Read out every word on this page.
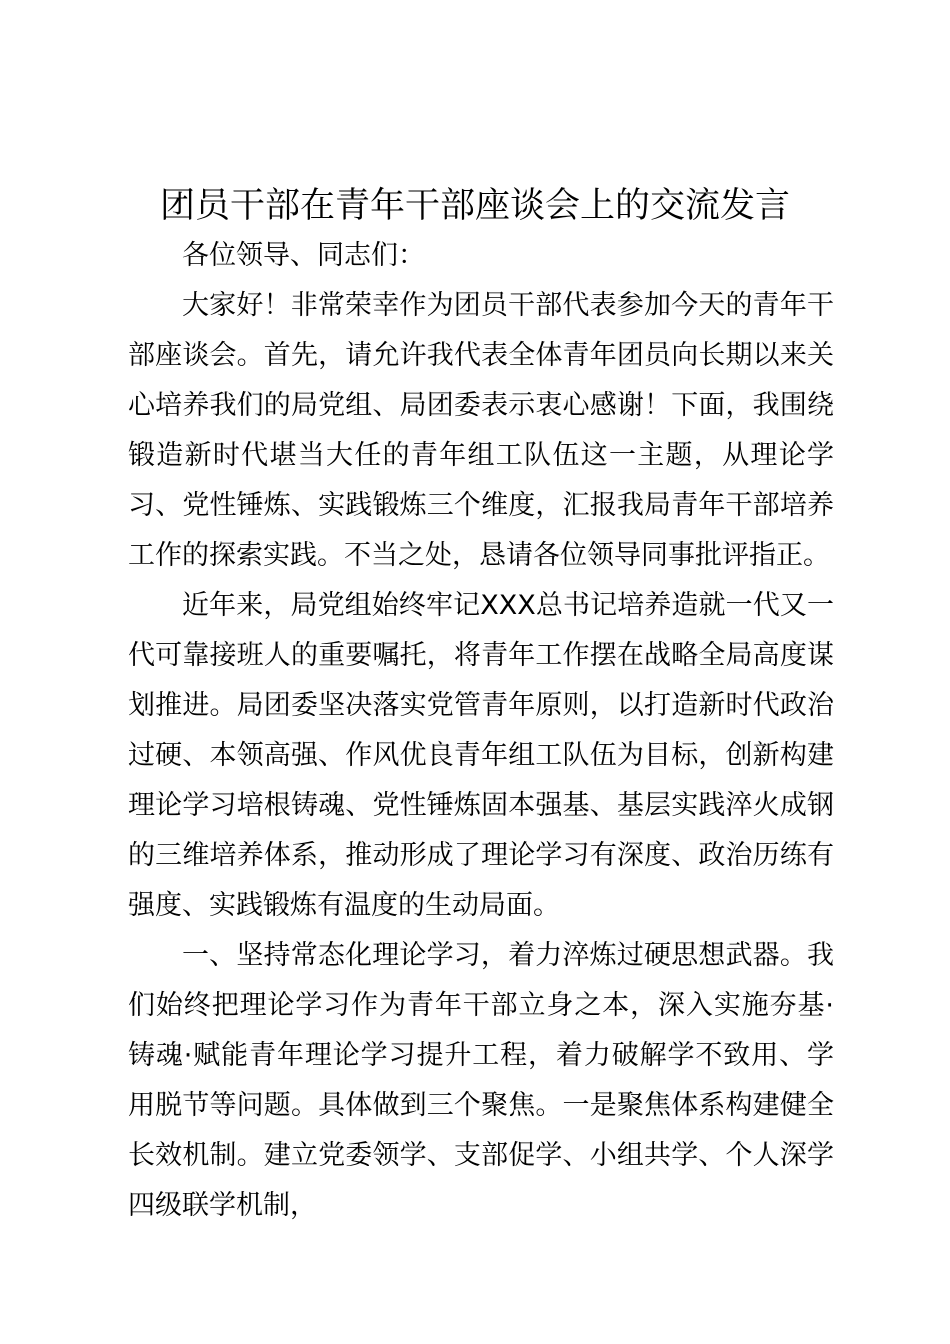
团员干部在青年干部座谈会上的交流发言

各位领导、同志们：

大家好！非常荣幸作为团员干部代表参加今天的青年干部座谈会。首先，请允许我代表全体青年团员向长期以来关心培养我们的局党组、局团委表示衷心感谢！下面，我围绕锻造新时代堪当大任的青年组工队伍这一主题，从理论学习、党性锤炼、实践锻炼三个维度，汇报我局青年干部培养工作的探索实践。不当之处，恳请各位领导同事批评指正。

近年来，局党组始终牢记XXX总书记培养造就一代又一代可靠接班人的重要嘱托，将青年工作摆在战略全局高度谋划推进。局团委坚决落实党管青年原则，以打造新时代政治过硬、本领高强、作风优良青年组工队伍为目标，创新构建理论学习培根铸魂、党性锤炼固本强基、基层实践淬火成钢的三维培养体系，推动形成了理论学习有深度、政治历练有强度、实践锻炼有温度的生动局面。

一、坚持常态化理论学习，着力淬炼过硬思想武器。我们始终把理论学习作为青年干部立身之本，深入实施夯基·铸魂·赋能青年理论学习提升工程，着力破解学不致用、学用脱节等问题。具体做到三个聚焦。一是聚焦体系构建健全长效机制。建立党委领学、支部促学、小组共学、个人深学四级联学机制，
